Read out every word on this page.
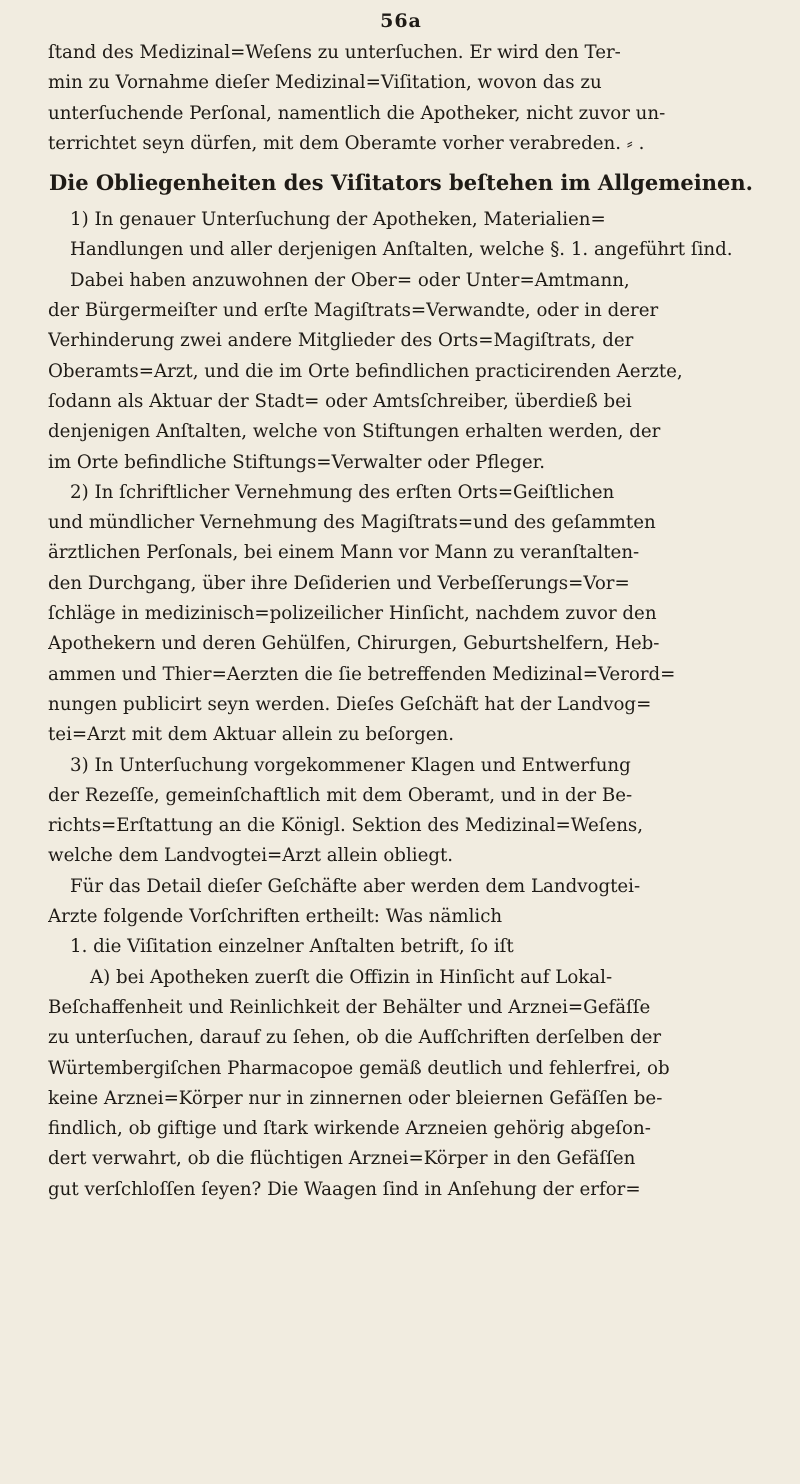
56a
ſtand des Medizinal=Weſens zu unterſuchen. Er wird den Ter-
min zu Vornahme dieſer Medizinal=Viſitation, wovon das zu
unterſuchende Perſonal, namentlich die Apotheker, nicht zuvor un-
terrichtet seyn dürfen, mit dem Oberamte vorher verabreden. ⸗ .
Die Obliegenheiten des Viſitators beſtehen im Allgemeinen.
1) In genauer Unterſuchung der Apotheken, Materialien=
Handlungen und aller derjenigen Anſtalten, welche §. 1. angeführt ſind.
Dabei haben anzuwohnen der Ober= oder Unter=Amtmann,
der Bürgermeiſter und erſte Magiſtrats=Verwandte, oder in derer
Verhinderung zwei andere Mitglieder des Orts=Magiſtrats, der
Oberamts=Arzt, und die im Orte befindlichen practicirenden Aerzte,
ſodann als Aktuar der Stadt= oder Amtsſchreiber, überdieß bei
denjenigen Anſtalten, welche von Stiftungen erhalten werden, der
im Orte befindliche Stiftungs=Verwalter oder Pfleger.
2) In ſchriftlicher Vernehmung des erſten Orts=Geiſtlichen
und mündlicher Vernehmung des Magiſtrats=und des geſammten
ärztlichen Perſonals, bei einem Mann vor Mann zu veranſtalten-
den Durchgang, über ihre Deſiderien und Verbeſſerungs=Vor=
ſchläge in medizinisch=polizeilicher Hinſicht, nachdem zuvor den
Apothekern und deren Gehülfen, Chirurgen, Geburtshelfern, Heb-
ammen und Thier=Aerzten die ſie betreffenden Medizinal=Verord=
nungen publicirt seyn werden. Dieſes Geſchäft hat der Landvog=
tei=Arzt mit dem Aktuar allein zu beſorgen.
3) In Unterſuchung vorgekommener Klagen und Entwerfung
der Rezeſſe, gemeinſchaftlich mit dem Oberamt, und in der Be-
richts=Erſtattung an die Königl. Sektion des Medizinal=Weſens,
welche dem Landvogtei=Arzt allein obliegt.
Für das Detail dieſer Geſchäfte aber werden dem Landvogtei-
Arzte folgende Vorſchriften ertheilt: Was nämlich
1. die Viſitation einzelner Anſtalten betrift, ſo iſt
A) bei Apotheken zuerſt die Offizin in Hinſicht auf Lokal-
Beſchaffenheit und Reinlichkeit der Behälter und Arznei=Gefäſſe
zu unterſuchen, darauf zu ſehen, ob die Aufſchriften derſelben der
Würtembergiſchen Pharmacopoe gemäß deutlich und fehlerfrei, ob
keine Arznei=Körper nur in zinnernen oder bleiernen Gefäſſen be-
findlich, ob giftige und ſtark wirkende Arzneien gehörig abgeſon-
dert verwahrt, ob die flüchtigen Arznei=Körper in den Gefäſſen
gut verſchloſſen ſeyen? Die Waagen ſind in Anſehung der erfor=
